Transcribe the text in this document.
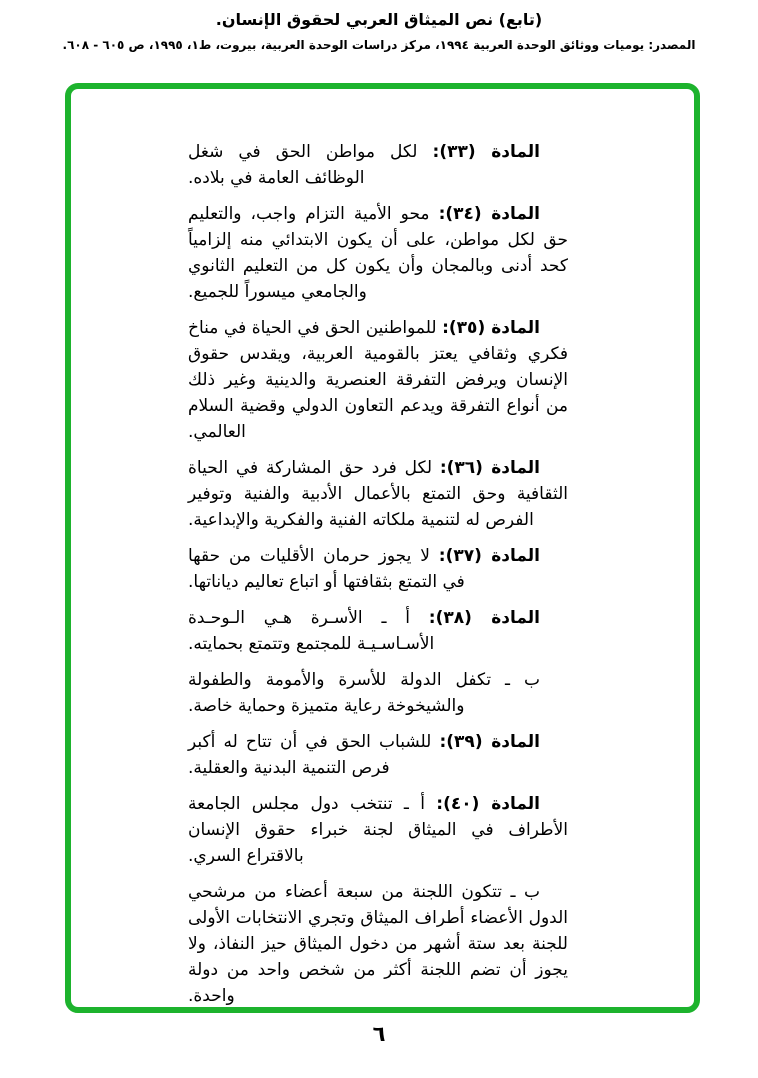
(تابع) نص الميثاق العربي لحقوق الإنسان.
المصدر: يوميات ووثائق الوحدة العربية ١٩٩٤، مركز دراسات الوحدة العربية، بيروت، ط١، ١٩٩٥، ص ٦٠٥ - ٦٠٨.

المادة (٣٣): لكل مواطن الحق في شغل الوظائف العامة في بلاده.

المادة (٣٤): محو الأمية التزام واجب، والتعليم حق لكل مواطن، على أن يكون الابتدائي منه إلزامياً كحد أدنى وبالمجان وأن يكون كل من التعليم الثانوي والجامعي ميسوراً للجميع.

المادة (٣٥): للمواطنين الحق في الحياة في مناخ فكري وثقافي يعتز بالقومية العربية، ويقدس حقوق الإنسان ويرفض التفرقة العنصرية والدينية وغير ذلك من أنواع التفرقة ويدعم التعاون الدولي وقضية السلام العالمي.

المادة (٣٦): لكل فرد حق المشاركة في الحياة الثقافية وحق التمتع بالأعمال الأدبية والفنية وتوفير الفرص له لتنمية ملكاته الفنية والفكرية والإبداعية.

المادة (٣٧): لا يجوز حرمان الأقليات من حقها في التمتع بثقافتها أو اتباع تعاليم دياناتها.

المادة (٣٨): أ ـ الأسـرة هـي الـوحـدة الأسـاسـيـة للمجتمع وتتمتع بحمايته.

ب ـ تكفل الدولة للأسرة والأمومة والطفولة والشيخوخة رعاية متميزة وحماية خاصة.

المادة (٣٩): للشباب الحق في أن تتاح له أكبر فرص التنمية البدنية والعقلية.

المادة (٤٠): أ ـ تنتخب دول مجلس الجامعة الأطراف في الميثاق لجنة خبراء حقوق الإنسان بالاقتراع السري.

ب ـ تتكون اللجنة من سبعة أعضاء من مرشحي الدول الأعضاء أطراف الميثاق وتجري الانتخابات الأولى للجنة بعد ستة أشهر من دخول الميثاق حيز النفاذ، ولا يجوز أن تضم اللجنة أكثر من شخص واحد من دولة واحدة.

٦
